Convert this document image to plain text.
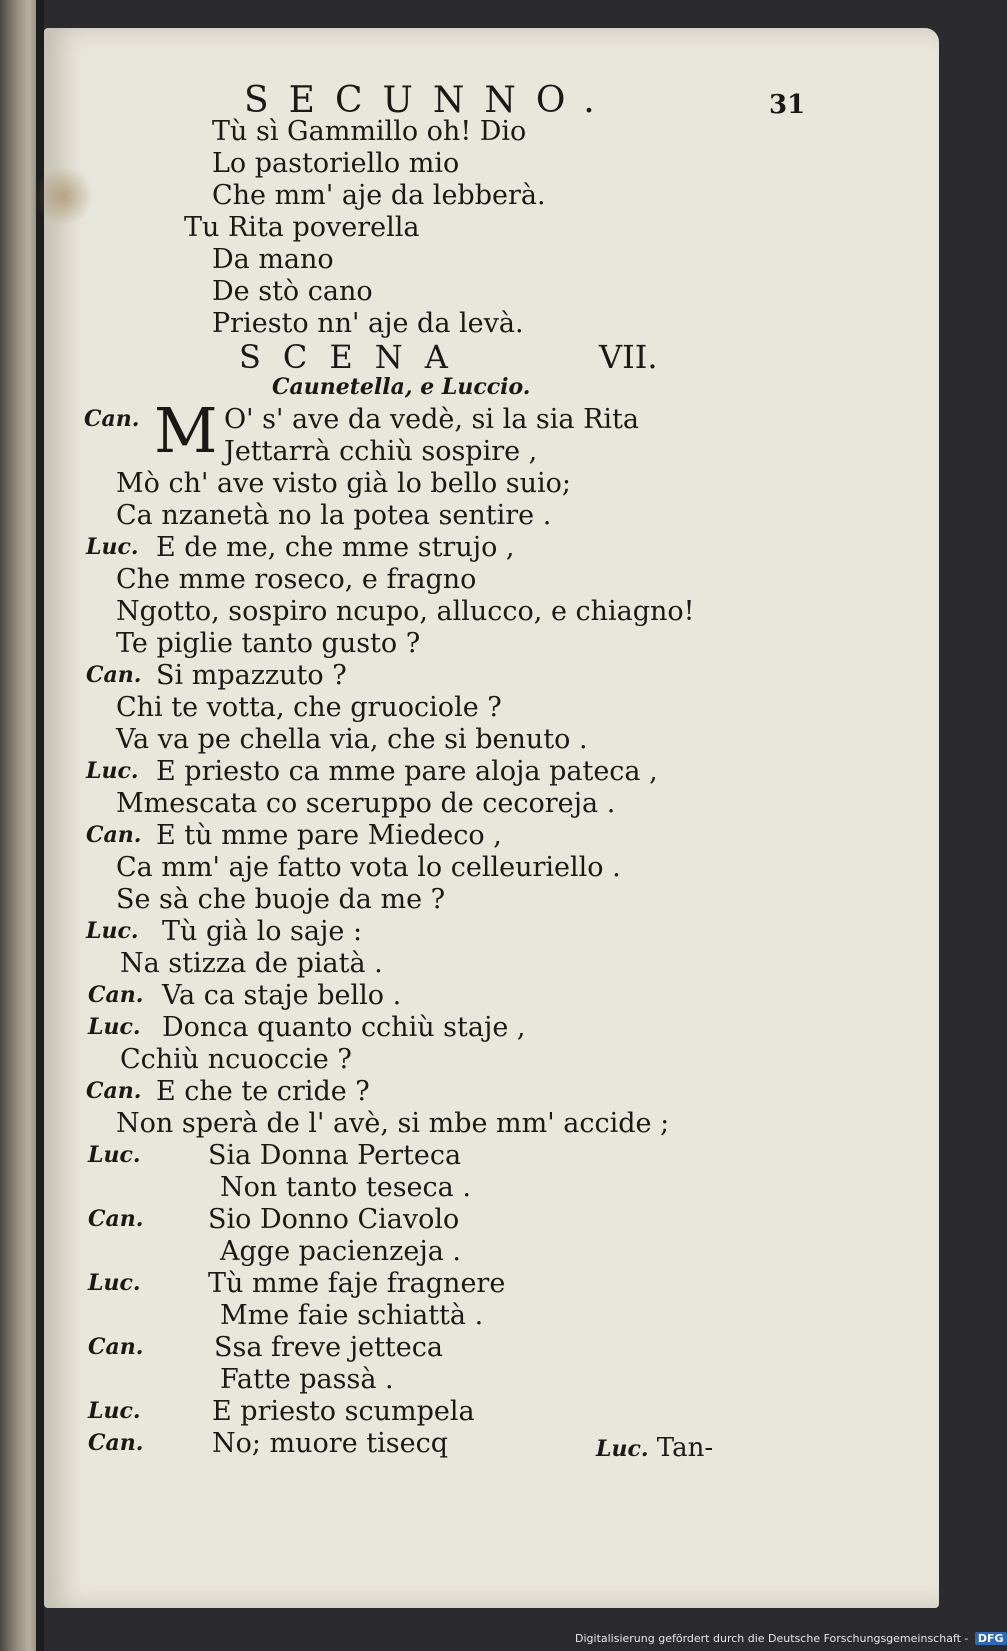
SECUNNO.	31
Tù sì Gammillo oh! Dio
Lo pastoriello mio
Che mm' aje da lebberà.
Tu Rita poverella
Da mano
De stò cano
Priesto nn' aje da levà.
SCENA	VII.
Caunetella, e Luccio.
Can. M O' s' ave da vedè, si la sia Rita
Jettarrà cchiù sospire ,
Mò ch' ave visto già lo bello suio;
Ca nzanetà no la potea sentire .
Luc. E de me, che mme strujo ,
Che mme roseco, e fragno
Ngotto, sospiro ncupo, allucco, e chiagno!
Te piglie tanto gusto ?
Can. Si mpazzuto ?
Chi te votta, che gruociole ?
Va va pe chella via, che si benuto .
Luc. E priesto ca mme pare aloja pateca ,
Mmescata co sceruppo de cecoreja .
Can. E tù mme pare Miedeco ,
Ca mm' aje fatto vota lo celleuriello .
Se sà che buoje da me ?
Luc. Tù già lo saje :
Na stizza de piatà .
Can. Va ca staje bello .
Luc. Donca quanto cchiù staje ,
Cchiù ncuoccie ?
Can. E che te cride ?
Non sperà de l' avè, si mbe mm' accide ;
Luc. Sia Donna Perteca
Non tanto teseca .
Can. Sio Donno Ciavolo
Agge pacienzeja .
Luc. Tù mme faje fragnere
Mme faie schiattà .
Can.	Ssa freve jetteca
Fatte passà .
Luc.	E priesto scumpela
Can.	No; muore tisecq	Luc. Tan-
Digitalisierung gefördert durch die Deutsche Forschungsgemeinschaft - DFG
